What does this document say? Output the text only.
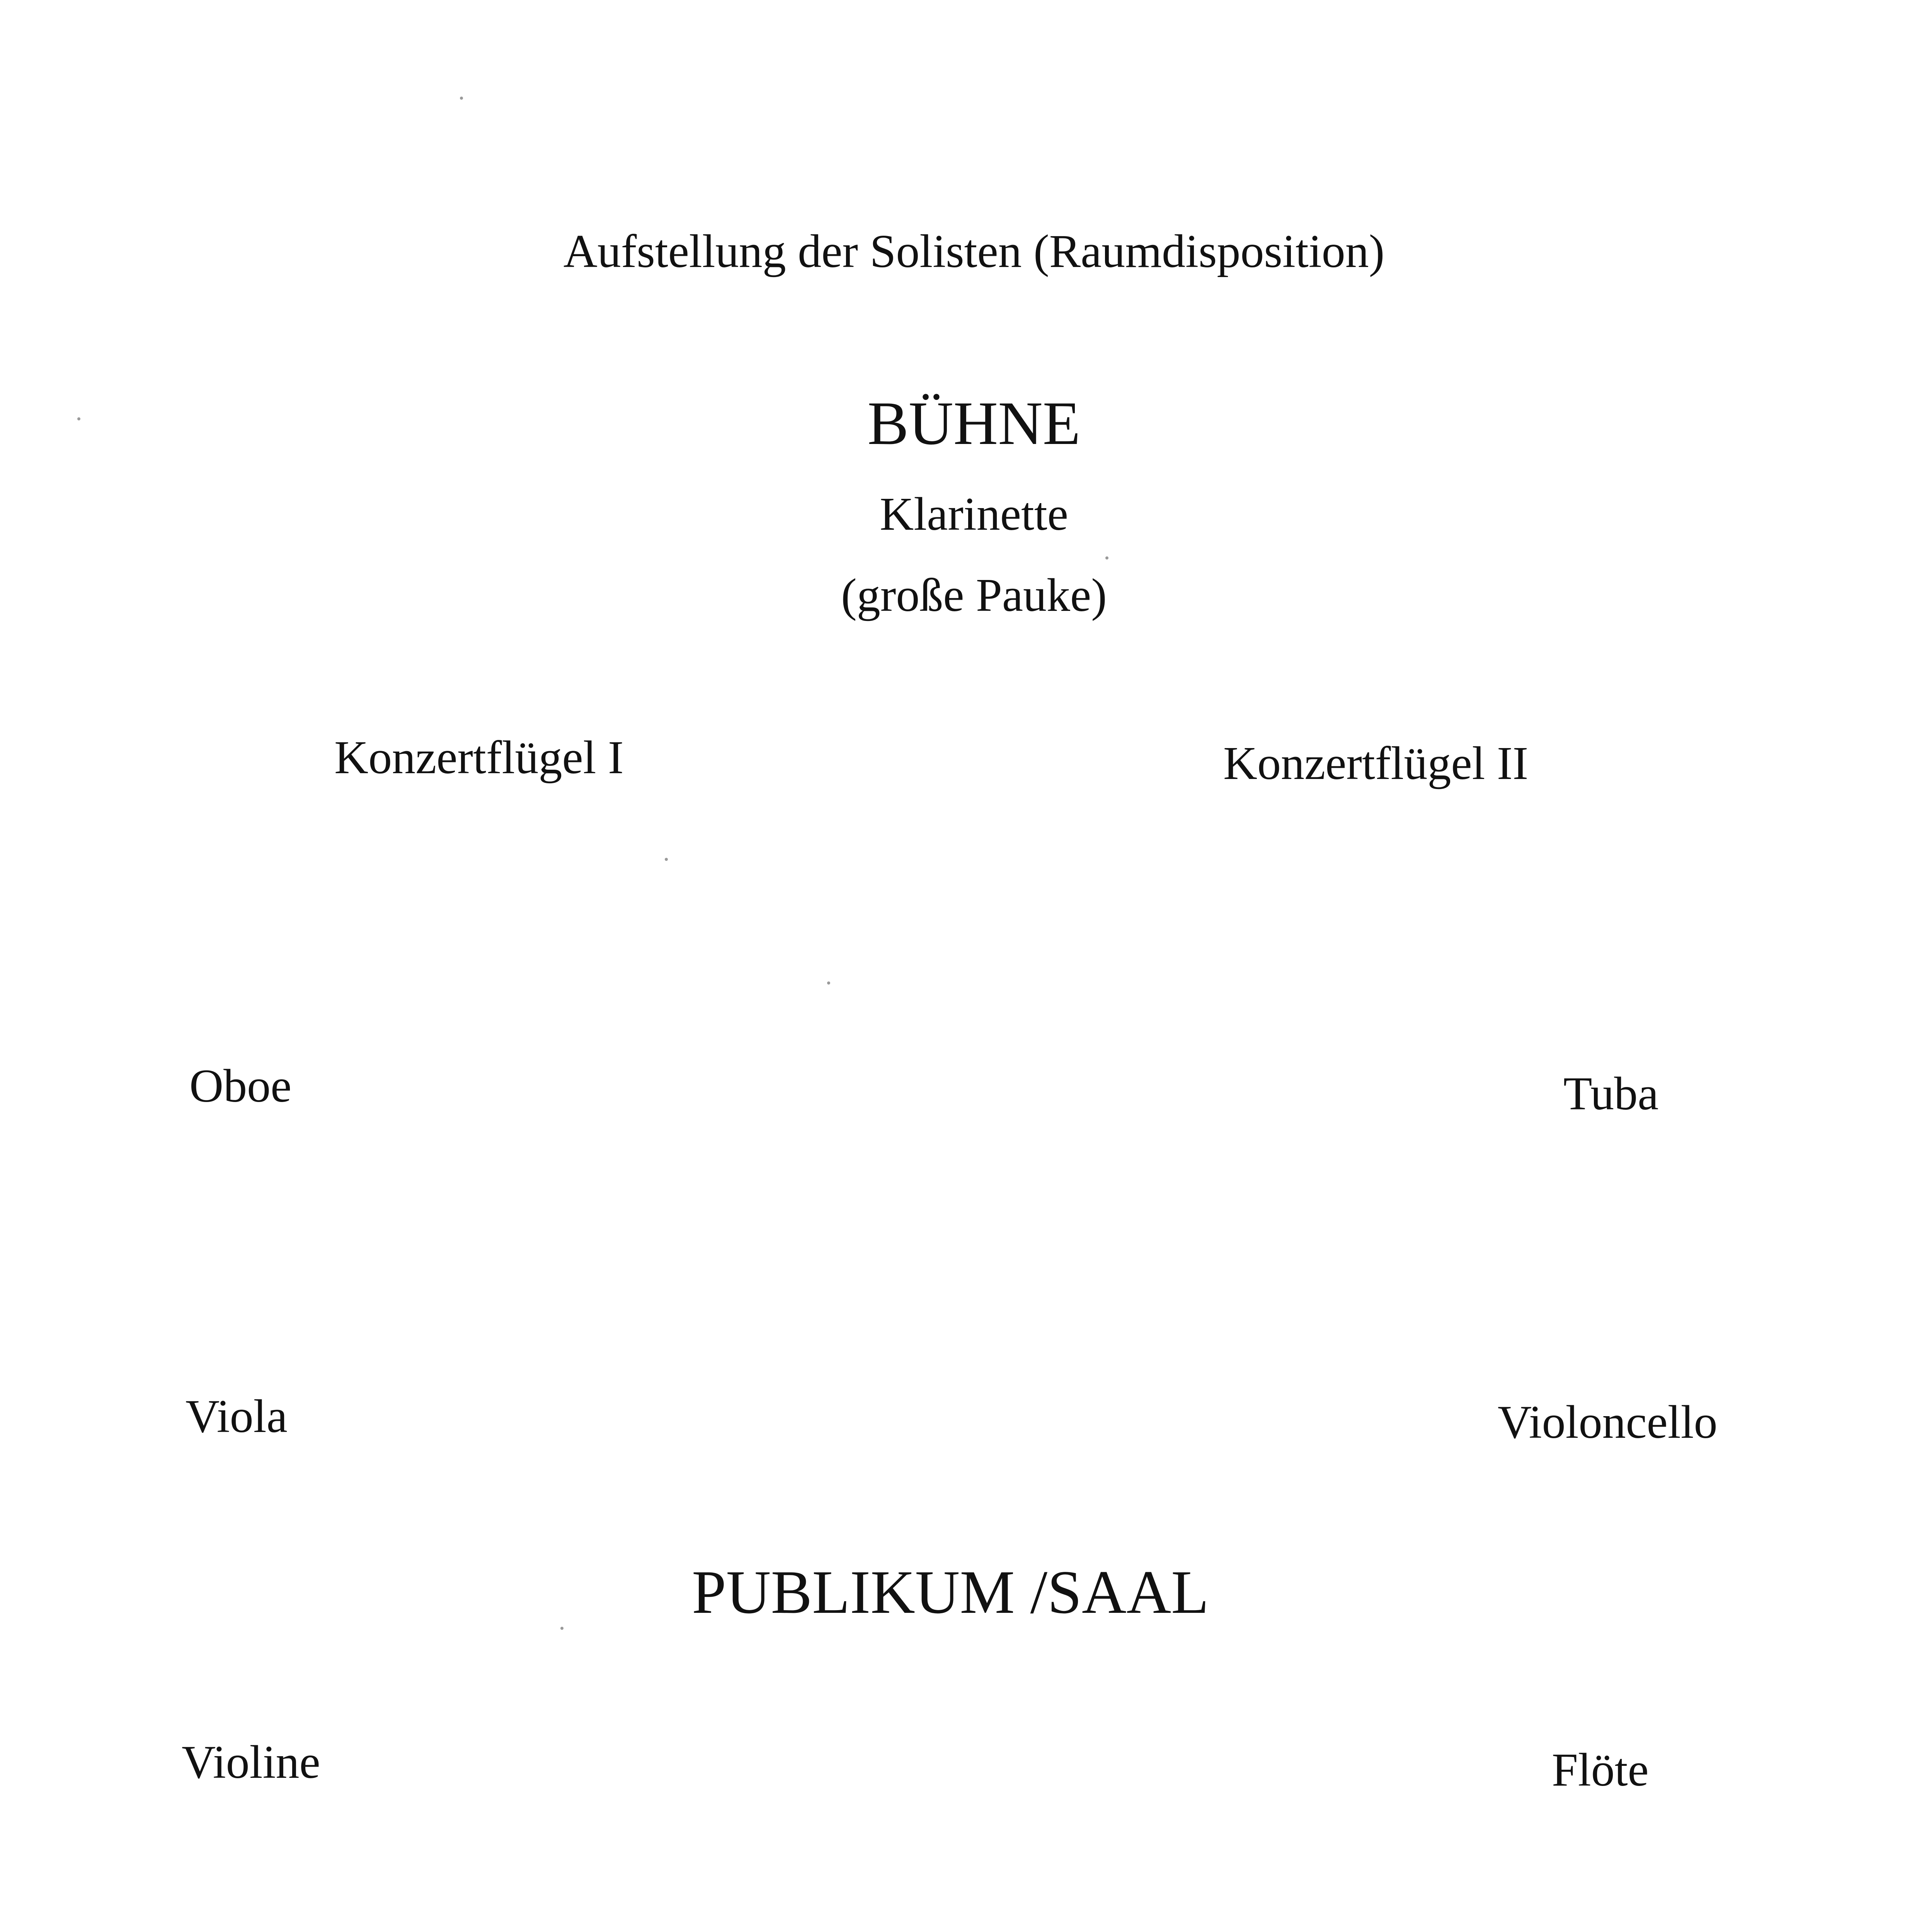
Aufstellung der Solisten (Raumdisposition)
BÜHNE
Klarinette
(große Pauke)
Konzertflügel I	Konzertflügel II
Oboe
Viola
Violine
Tuba
Violoncello
Flöte
PUBLIKUM /SAAL
